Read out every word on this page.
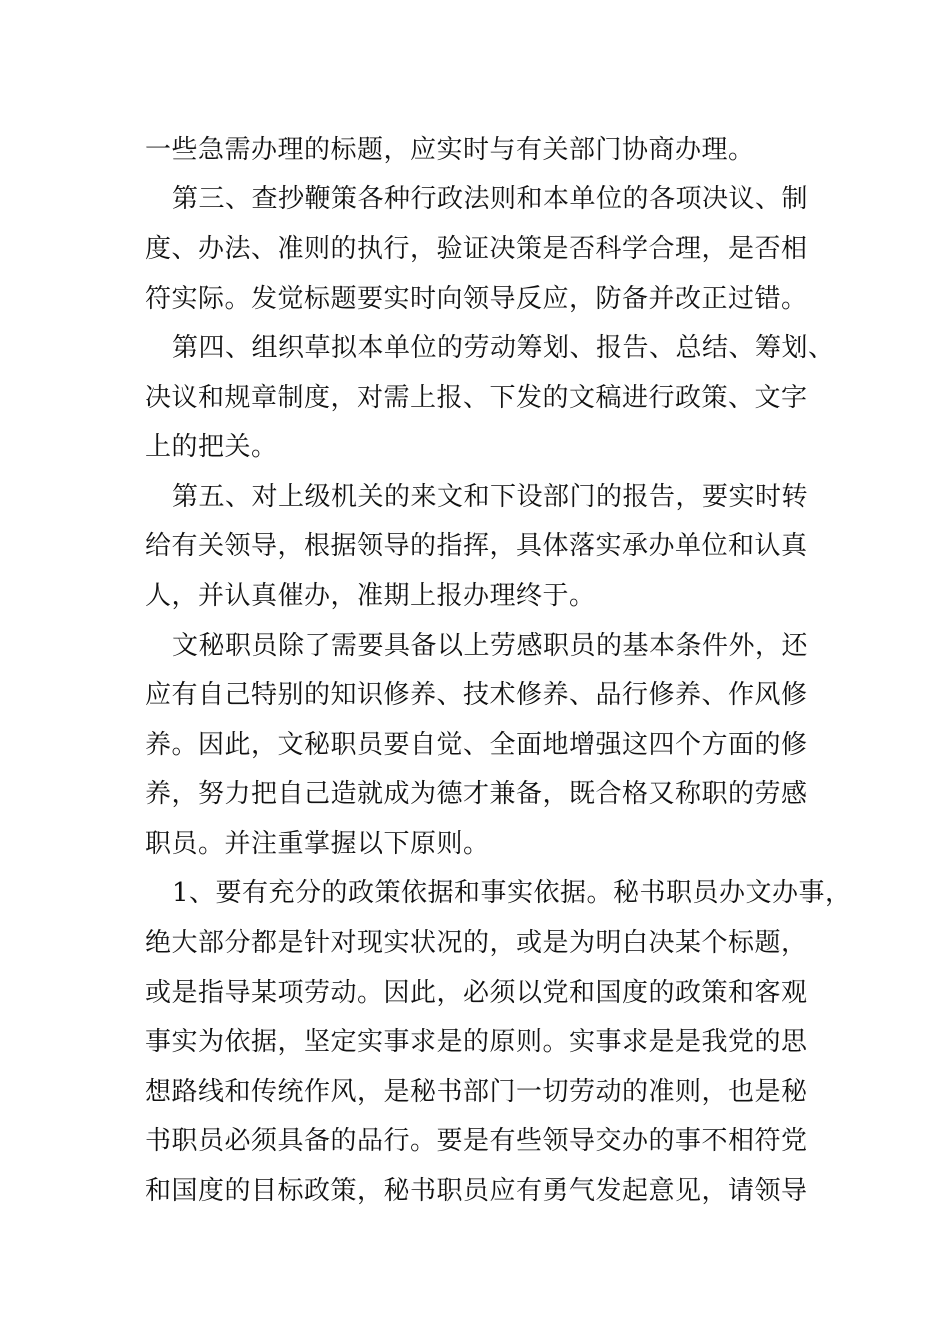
一些急需办理的标题，应实时与有关部门协商办理。
第三、查抄鞭策各种行政法则和本单位的各项决议、制
度、办法、准则的执行，验证决策是否科学合理，是否相
符实际。发觉标题要实时向领导反应，防备并改正过错。
第四、组织草拟本单位的劳动筹划、报告、总结、筹划、
决议和规章制度，对需上报、下发的文稿进行政策、文字
上的把关。
第五、对上级机关的来文和下设部门的报告，要实时转
给有关领导，根据领导的指挥，具体落实承办单位和认真
人，并认真催办，准期上报办理终于。
文秘职员除了需要具备以上劳感职员的基本条件外，还
应有自己特别的知识修养、技术修养、品行修养、作风修
养。因此，文秘职员要自觉、全面地增强这四个方面的修
养，努力把自己造就成为德才兼备，既合格又称职的劳感
职员。并注重掌握以下原则。
1、要有充分的政策依据和事实依据。秘书职员办文办事，
绝大部分都是针对现实状况的，或是为明白决某个标题，
或是指导某项劳动。因此，必须以党和国度的政策和客观
事实为依据，坚定实事求是的原则。实事求是是我党的思
想路线和传统作风，是秘书部门一切劳动的准则，也是秘
书职员必须具备的品行。要是有些领导交办的事不相符党
和国度的目标政策，秘书职员应有勇气发起意见，请领导
